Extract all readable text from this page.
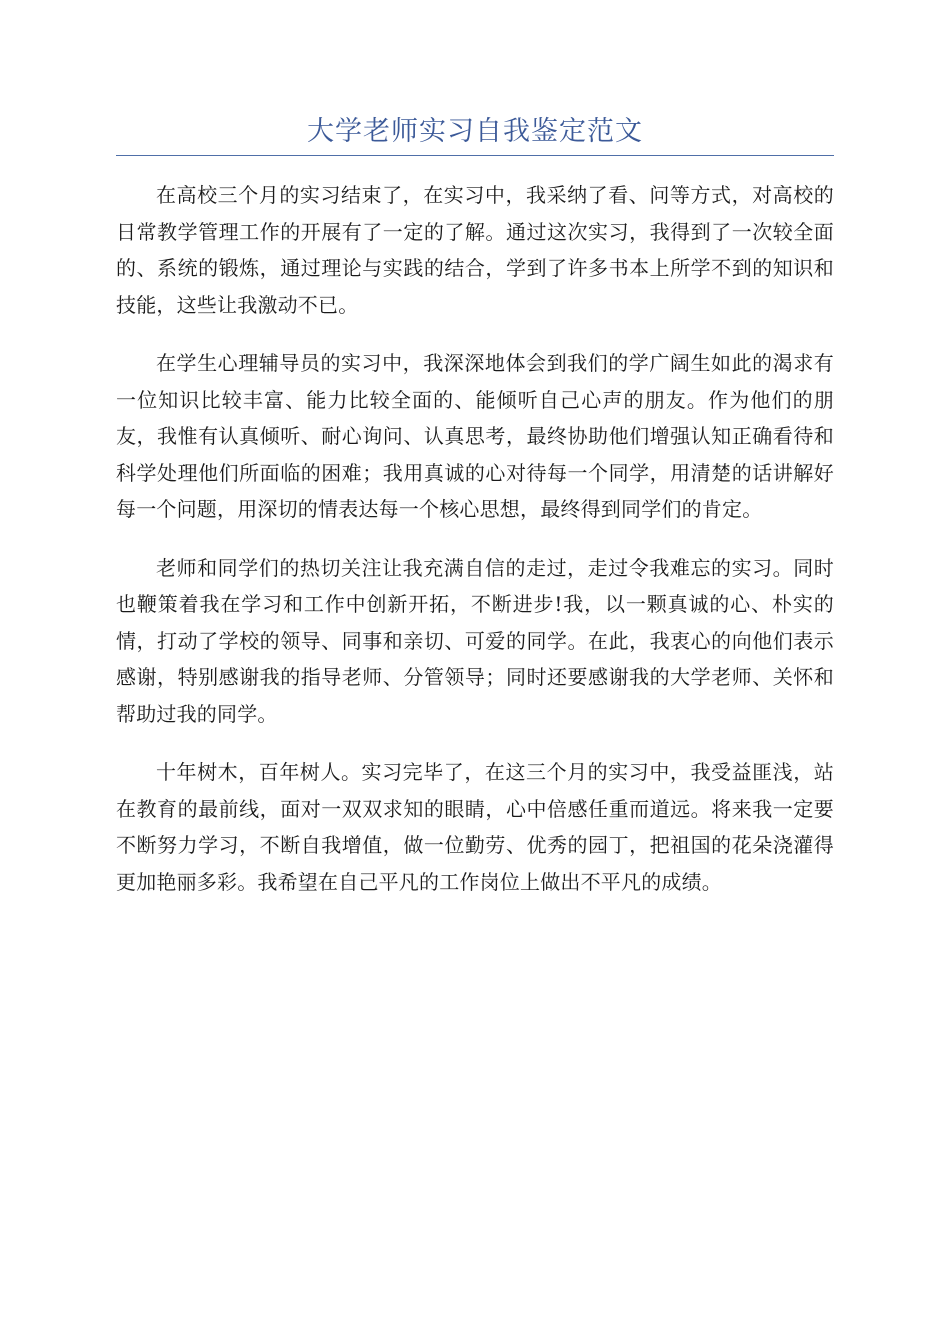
大学老师实习自我鉴定范文

在高校三个月的实习结束了，在实习中，我采纳了看、问等方式，对高校的日常教学管理工作的开展有了一定的了解。通过这次实习，我得到了一次较全面的、系统的锻炼，通过理论与实践的结合，学到了许多书本上所学不到的知识和技能，这些让我激动不已。

在学生心理辅导员的实习中，我深深地体会到我们的学广阔生如此的渴求有一位知识比较丰富、能力比较全面的、能倾听自己心声的朋友。作为他们的朋友，我惟有认真倾听、耐心询问、认真思考，最终协助他们增强认知正确看待和科学处理他们所面临的困难；我用真诚的心对待每一个同学，用清楚的话讲解好每一个问题，用深切的情表达每一个核心思想，最终得到同学们的肯定。

老师和同学们的热切关注让我充满自信的走过，走过令我难忘的实习。同时也鞭策着我在学习和工作中创新开拓，不断进步!我，以一颗真诚的心、朴实的情，打动了学校的领导、同事和亲切、可爱的同学。在此，我衷心的向他们表示感谢，特别感谢我的指导老师、分管领导；同时还要感谢我的大学老师、关怀和帮助过我的同学。

十年树木，百年树人。实习完毕了，在这三个月的实习中，我受益匪浅，站在教育的最前线，面对一双双求知的眼睛，心中倍感任重而道远。将来我一定要不断努力学习，不断自我增值，做一位勤劳、优秀的园丁，把祖国的花朵浇灌得更加艳丽多彩。我希望在自己平凡的工作岗位上做出不平凡的成绩。
